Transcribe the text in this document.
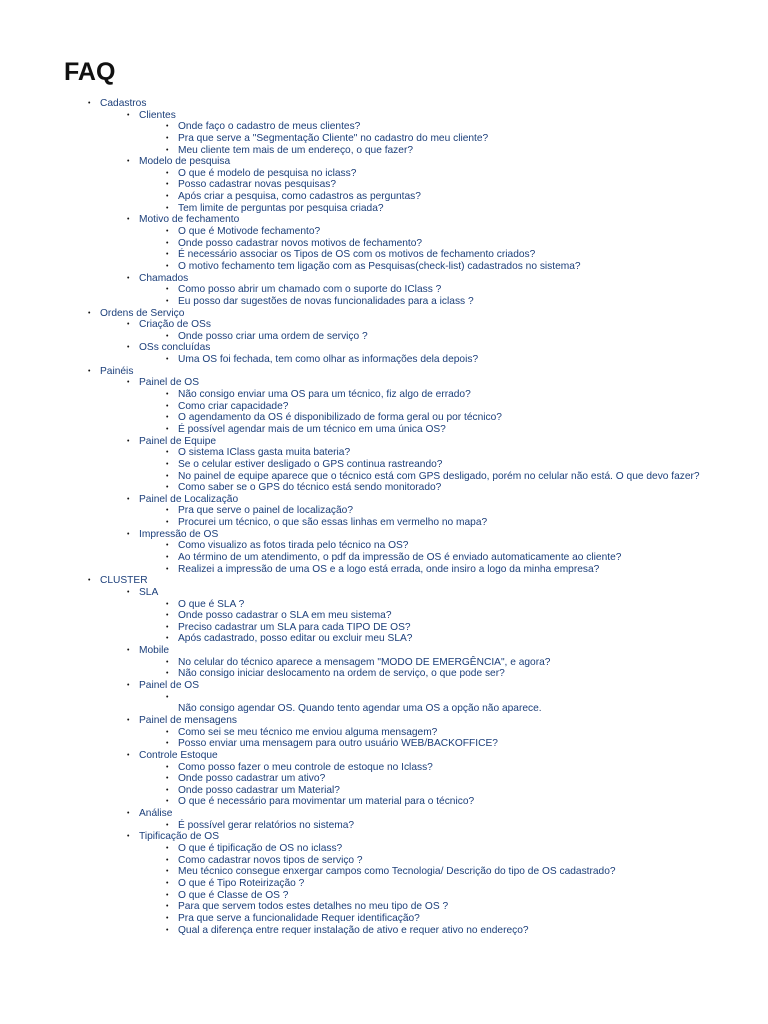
FAQ
• Cadastros
• Clientes
• Onde faço o cadastro de meus clientes?
• Pra que serve a "Segmentação Cliente" no cadastro do meu cliente?
• Meu cliente tem mais de um endereço, o que fazer?
• Modelo de pesquisa
• O que é modelo de pesquisa no iclass?
• Posso cadastrar novas pesquisas?
• Após criar a pesquisa, como cadastros as perguntas?
• Tem limite de perguntas por pesquisa criada?
• Motivo de fechamento
• O que é Motivode fechamento?
• Onde posso cadastrar novos motivos de fechamento?
• É necessário associar os Tipos de OS com os motivos de fechamento criados?
• O motivo fechamento tem ligação com as Pesquisas(check-list) cadastrados no sistema?
• Chamados
• Como posso abrir um chamado com o suporte do IClass ?
• Eu posso dar sugestões de novas funcionalidades para a iclass ?
• Ordens de Serviço
• Criação de OSs
• Onde posso criar uma ordem de serviço ?
• OSs concluídas
• Uma OS foi fechada, tem como olhar as informações dela depois?
• Painéis
• Painel de OS
• Não consigo enviar uma OS para um técnico, fiz algo de errado?
• Como criar capacidade?
• O agendamento da OS é disponibilizado de forma geral ou por técnico?
• É possível agendar mais de um técnico em uma única OS?
• Painel de Equipe
• O sistema IClass gasta muita bateria?
• Se o celular estiver desligado o GPS continua rastreando?
• No painel de equipe aparece que o técnico está com GPS desligado, porém no celular não está. O que devo fazer?
• Como saber se o GPS do técnico está sendo monitorado?
• Painel de Localização
• Pra que serve o painel de localização?
• Procurei um técnico, o que são essas linhas em vermelho no mapa?
• Impressão de OS
• Como visualizo as fotos tirada pelo técnico na OS?
• Ao término de um atendimento, o pdf da impressão de OS é enviado automaticamente ao cliente?
• Realizei a impressão de uma OS e a logo está errada, onde insiro a logo da minha empresa?
• CLUSTER
• SLA
• O que é SLA ?
• Onde posso cadastrar o SLA em meu sistema?
• Preciso cadastrar um SLA para cada TIPO DE OS?
• Após cadastrado, posso editar ou excluir meu SLA?
• Mobile
• No celular do técnico aparece a mensagem "MODO DE EMERGÊNCIA", e agora?
• Não consigo iniciar deslocamento na ordem de serviço, o que pode ser?
• Painel de OS
•
Não consigo agendar OS. Quando tento agendar uma OS a opção não aparece.
• Painel de mensagens
• Como sei se meu técnico me enviou alguma mensagem?
• Posso enviar uma mensagem para outro usuário WEB/BACKOFFICE?
• Controle Estoque
• Como posso fazer o meu controle de estoque no Iclass?
• Onde posso cadastrar um ativo?
• Onde posso cadastrar um Material?
• O que é necessário para movimentar um material para o técnico?
• Análise
• É possível gerar relatórios no sistema?
• Tipificação de OS
• O que é tipificação de OS no iclass?
• Como cadastrar novos tipos de serviço ?
• Meu técnico consegue enxergar campos como Tecnologia/ Descrição do tipo de OS cadastrado?
• O que é Tipo Roteirização ?
• O que é Classe de OS ?
• Para que servem todos estes detalhes no meu tipo de OS ?
• Pra que serve a funcionalidade Requer identificação?
• Qual a diferença entre requer instalação de ativo e requer ativo no endereço?
